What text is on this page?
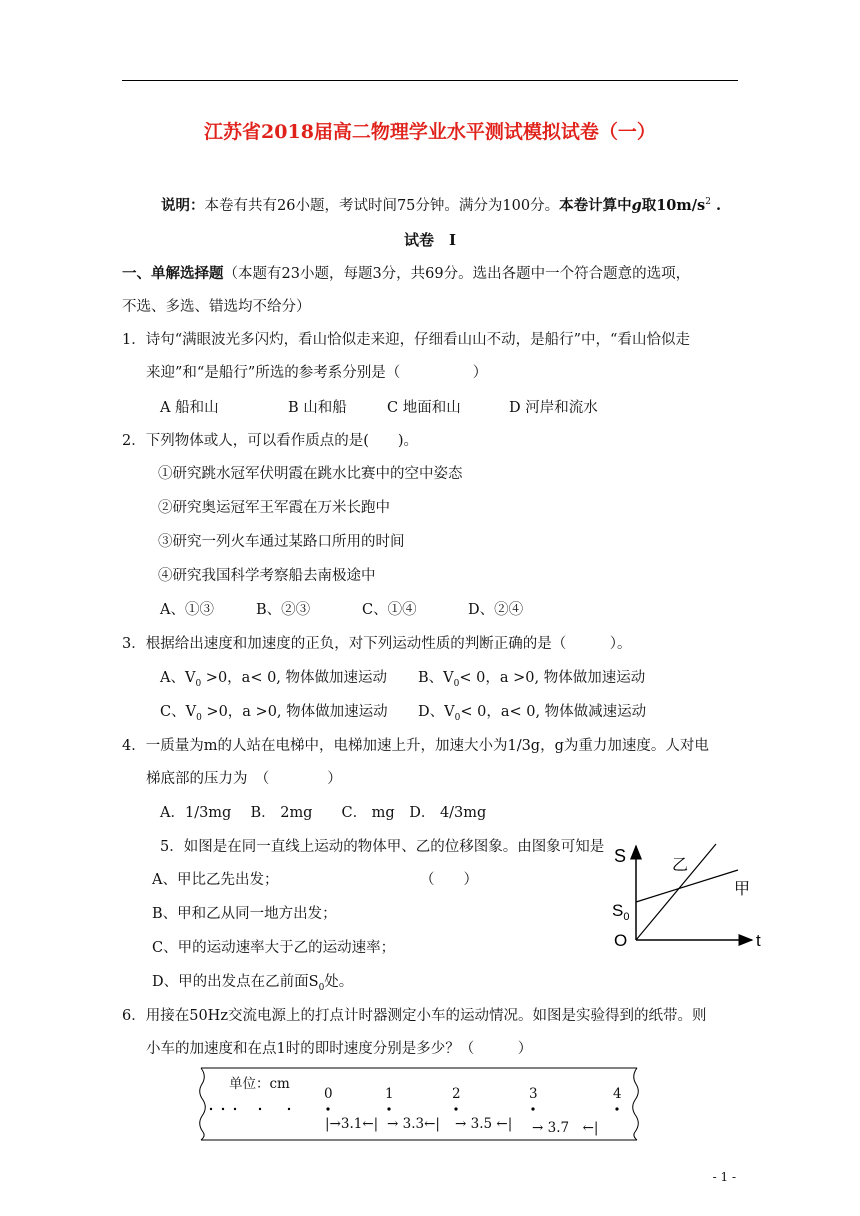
江苏省2018届高二物理学业水平测试模拟试卷（一）
说明：本卷有共有26小题，考试时间75分钟。满分为100分。本卷计算中g取$10m/s^2$ .
试卷　I
一、单解选择题（本题有23小题，每题3分，共69分。选出各题中一个符合题意的选项，
不选、多选、错选均不给分）
1．诗句“满眼波光多闪灼，看山恰似走来迎，仔细看山山不动，是船行”中，“看山恰似走
来迎”和“是船行”所选的参考系分别是（　　　　　）
A 船和山	B 山和船	C 地面和山	D 河岸和流水
2．下列物体或人，可以看作质点的是(　　)。
①研究跳水冠军伏明霞在跳水比赛中的空中姿态
②研究奥运冠军王军霞在万米长跑中
③研究一列火车通过某路口所用的时间
④研究我国科学考察船去南极途中
A、①③	B、②③	C、①④	D、②④
3．根据给出速度和加速度的正负，对下列运动性质的判断正确的是（　　　）。
A、$V_0 >0$，a< 0, 物体做加速运动 B、$V_0< 0$，a >0, 物体做加速运动
C、$V_0 >0$，a >0, 物体做加速运动 D、$V_0< 0$，a< 0, 物体做减速运动
4．一质量为m的人站在电梯中，电梯加速上升，加速大小为1/3g，g为重力加速度。人对电
梯底部的压力为　（　　　　）
A．1/3mg　 B． 2mg　　C． mg　D． 4/3mg
5．如图是在同一直线上运动的物体甲、乙的位移图象。由图象可知是
A、甲比乙先出发；	（　　）
B、甲和乙从同一地方出发；
C、甲的运动速率大于乙的运动速率；
D、甲的出发点在乙前面$S_0$处。
S
t
O
$S_0$
乙
甲
6．用接在50Hz交流电源上的打点计时器测定小车的运动情况。如图是实验得到的纸带。则
小车的加速度和在点1时的即时速度分别是多少？（　　　）
单位：cm
0	1	2	3	4
|→3.1←| → 3.3←| → 3.5 ←| → 3.7　←|
- 1 -
